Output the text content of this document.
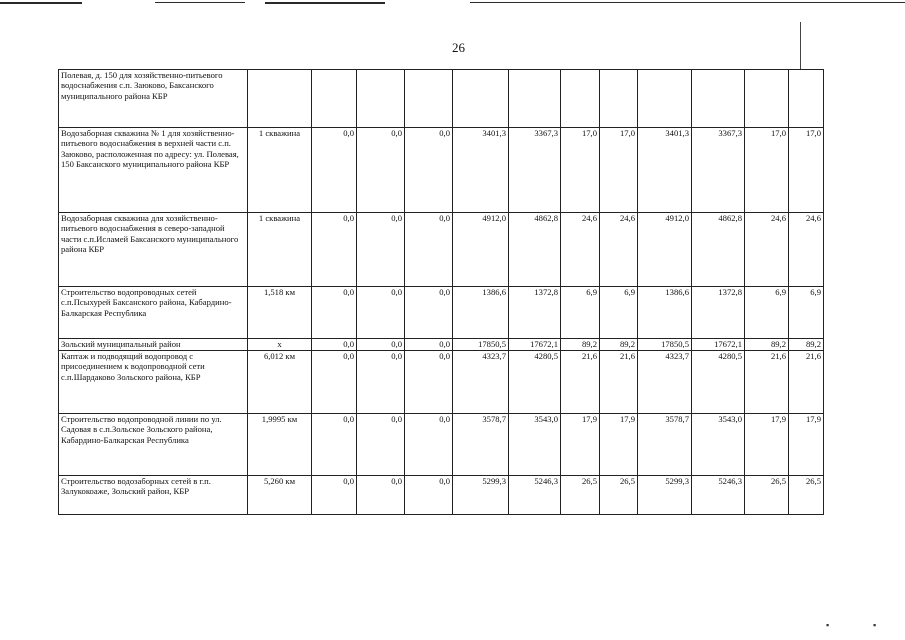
26
Полевая, д. 150 для хозяйственно-питьевого водоснабжения с.п. Заюково, Баксанского муниципального района КБР												
Водозаборная скважина № 1 для хозяйственно-питьевого водоснабжения в верхней части с.п. Заюково, расположенная по адресу: ул. Полевая, 150 Баксанского муниципального района КБР	1 скважина	0,0	0,0	0,0	3401,3	3367,3	17,0	17,0	3401,3	3367,3	17,0	17,0
Водозаборная скважина для хозяйственно-питьевого водоснабжения в северо-западной части с.п.Исламей Баксанского муниципального района КБР	1 скважина	0,0	0,0	0,0	4912,0	4862,8	24,6	24,6	4912,0	4862,8	24,6	24,6
Строительство водопроводных сетей с.п.Псыхурей Баксанского района, Кабардино-Балкарская Республика	1,518 км	0,0	0,0	0,0	1386,6	1372,8	6,9	6,9	1386,6	1372,8	6,9	6,9
Зольский муниципальный район	х	0,0	0,0	0,0	17850,5	17672,1	89,2	89,2	17850,5	17672,1	89,2	89,2
Каптаж и подводящий водопровод с присоединением к водопроводной сети с.п.Шардаково Зольского района, КБР	6,012 км	0,0	0,0	0,0	4323,7	4280,5	21,6	21,6	4323,7	4280,5	21,6	21,6
Строительство водопроводной линии по ул. Садовая в с.п.Зольское Зольского района, Кабардино-Балкарская Республика	1,9995 км	0,0	0,0	0,0	3578,7	3543,0	17,9	17,9	3578,7	3543,0	17,9	17,9
Строительство водозаборных сетей в г.п. Залукокоаже, Зольский район, КБР	5,260 км	0,0	0,0	0,0	5299,3	5246,3	26,5	26,5	5299,3	5246,3	26,5	26,5
▪	▪
